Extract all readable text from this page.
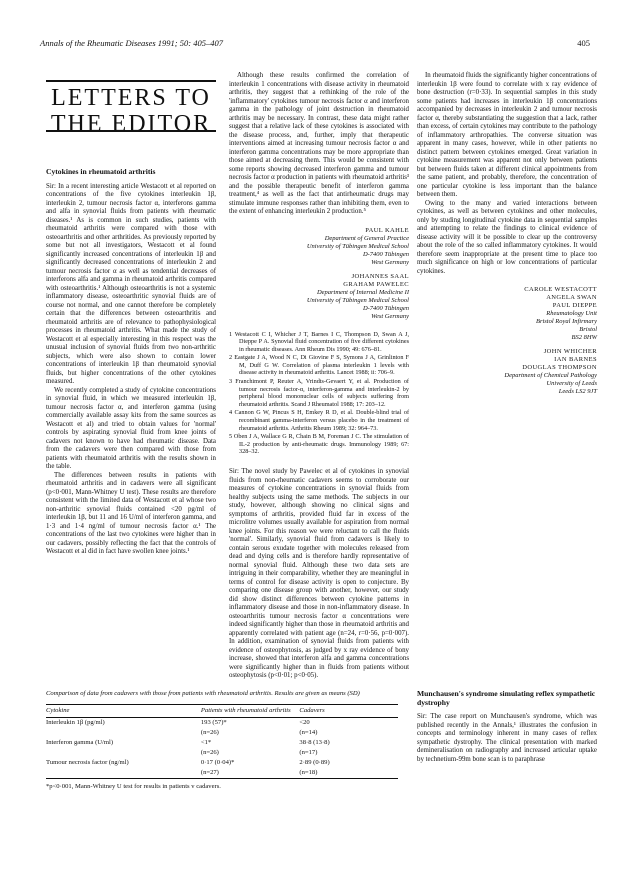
Annals of the Rheumatic Diseases 1991; 50: 405–407	405
LETTERS TO
THE EDITOR
Cytokines in rheumatoid arthritis

Sir: In a recent interesting article Westacott et al reported on concentrations of the five cytokines interleukin 1β, interleukin 2, tumour necrosis factor α, interferons gamma and alfa in synovial fluids from patients with rheumatic diseases.¹ As is common in such studies, patients with rheumatoid arthritis were compared with those with osteoarthritis and other arthritides. As previously reported by some but not all investigators, Westacott et al found significantly increased concentrations of interleukin 1β and significantly decreased concentrations of interleukin 2 and tumour necrosis factor α as well as tendential decreases of interferons alfa and gamma in rheumatoid arthritis compared with osteoarthritis.¹ Although osteoarthritis is not a systemic inflammatory disease, osteoarthritic synovial fluids are of course not normal, and one cannot therefore be completely certain that the differences between osteoarthritis and rheumatoid arthritis are of relevance to pathophysiological processes in rheumatoid arthritis. What made the study of Westacott et al especially interesting in this respect was the unusual inclusion of synovial fluids from two non-arthritic subjects, which were also shown to contain lower concentrations of interleukin 1β than rheumatoid synovial fluids, but higher concentrations of the other cytokines measured.

We recently completed a study of cytokine concentrations in synovial fluid, in which we measured interleukin 1β, tumour necrosis factor α, and interferon gamma (using commercially available assay kits from the same sources as Westacott et al) and tried to obtain values for 'normal' controls by aspirating synovial fluid from knee joints of cadavers not known to have had rheumatic disease. Data from the cadavers were then compared with those from patients with rheumatoid arthritis with the results shown in the table.

The differences between results in patients with rheumatoid arthritis and in cadavers were all significant (p<0·001, Mann-Whitney U test). These results are therefore consistent with the limited data of Westacott et al whose two non-arthritic synovial fluids contained <20 pg/ml of interleukin 1β, but 11 and 16 U/ml of interferon gamma, and 1·3 and 1·4 ng/ml of tumour necrosis factor α.¹ The concentrations of the last two cytokines were higher than in our cadavers, possibly reflecting the fact that the controls of Westacott et al did in fact have swollen knee joints.¹

Although these results confirmed the correlation of interleukin 1 concentrations with disease activity in rheumatoid arthritis, they suggest that a rethinking of the role of the 'inflammatory' cytokines tumour necrosis factor α and interferon gamma in the pathology of joint destruction in rheumatoid arthritis may be necessary. In contrast, these data might rather suggest that a relative lack of these cytokines is associated with the disease process, and, further, imply that therapeutic interventions aimed at increasing tumour necrosis factor α and interferon gamma concentrations may be more appropriate than those aimed at decreasing them. This would be consistent with some reports showing decreased interferon gamma and tumour necrosis factor α production in patients with rheumatoid arthritis³ and the possible therapeutic benefit of interferon gamma treatment,⁴ as well as the fact that antirheumatic drugs may stimulate immune responses rather than inhibiting them, even to the extent of enhancing interleukin 2 production.⁵

PAUL KAHLE
Department of General Practice
University of Tübingen Medical School
D-7400 Tübingen
West Germany
JOHANNES SAAL
GRAHAM PAWELEC
Department of Internal Medicine II
University of Tübingen Medical School
D-7400 Tübingen
West Germany
1 Westacott C I, Whicher J T, Barnes I C, Thompson D, Swan A J, Dieppe P A. Synovial fluid concentration of five different cytokines in rheumatic diseases. Ann Rheum Dis 1990; 49: 676–81.
2 Eastgate J A, Wood N C, Di Giovine F S, Symons J A, Grinlinton F M, Duff G W. Correlation of plasma interleukin 1 levels with disease activity in rheumatoid arthritis. Lancet 1988; ii: 706–9.
3 Franchimont P, Reuter A, Vrindts-Gevaert Y, et al. Production of tumour necrosis factor-α, interferon-gamma and interleukin-2 by peripheral blood mononuclear cells of subjects suffering from rheumatoid arthritis. Scand J Rheumatol 1988; 17: 203–12.
4 Cannon G W, Pincus S H, Emkey R D, et al. Double-blind trial of recombinant gamma-interferon versus placebo in the treatment of rheumatoid arthritis. Arthritis Rheum 1989; 32: 964–73.
5 Oben J A, Wallace G R, Chain B M, Foreman J C. The stimulation of IL-2 production by anti-rheumatic drugs. Immunology 1989; 67: 328–32.

Sir: The novel study by Pawelec et al of cytokines in synovial fluids from non-rheumatic cadavers seems to corroborate our measures of cytokine concentrations in synovial fluids from healthy subjects using the same methods. The subjects in our study, however, although showing no clinical signs and symptoms of arthritis, provided fluid far in excess of the microlitre volumes usually available for aspiration from normal knee joints. For this reason we were reluctant to call the fluids 'normal'. Similarly, synovial fluid from cadavers is likely to contain serous exudate together with molecules released from dead and dying cells and is therefore hardly representative of normal synovial fluid. Although these two data sets are intriguing in their comparability, whether they are meaningful in terms of control for disease activity is open to conjecture. By comparing one disease group with another, however, our study did show distinct differences between cytokine patterns in inflammatory disease and those in non-inflammatory disease. In osteoarthritis tumour necrosis factor α concentrations were indeed significantly higher than those in rheumatoid arthritis and apparently correlated with patient age (n=24, r=0·56, p=0·007). In addition, examination of synovial fluids from patients with evidence of osteophytosis, as judged by x ray evidence of bony increase, showed that interferon alfa and gamma concentrations were significantly higher than in fluids from patients without osteophytosis (p<0·01; p<0·05).

In rheumatoid fluids the significantly higher concentrations of interleukin 1β were found to correlate with x ray evidence of bone destruction (r=0·33). In sequential samples in this study some patients had increases in interleukin 1β concentrations accompanied by decreases in interleukin 2 and tumour necrosis factor α, thereby substantiating the suggestion that a lack, rather than excess, of certain cytokines may contribute to the pathology of inflammatory arthropathies. The converse situation was apparent in many cases, however, while in other patients no distinct pattern between cytokines emerged. Great variation in cytokine measurement was apparent not only between patients but between fluids taken at different clinical appointments from the same patient, and probably, therefore, the concentration of one particular cytokine is less important than the balance between them.

Owing to the many and varied interactions between cytokines, as well as between cytokines and other molecules, only by studing longitudinal cytokine data in sequential samples and attempting to relate the findings to clinical evidence of disease activity will it be possible to clear up the controversy about the role of the so called inflammatory cytokines. It would therefore seem inappropriate at the present time to place too much significance on high or low concentrations of particular cytokines.

CAROLE WESTACOTT
ANGELA SWAN
PAUL DIEPPE
Rheumatology Unit
Bristol Royal Infirmary
Bristol
BS2 8HW
JOHN WHICHER
IAN BARNES
DOUGLAS THOMPSON
Department of Chemical Pathology
University of Leeds
Leeds LS2 9JT
Comparison of data from cadavers with those from patients with rheumatoid arthritis. Results are given as means (SD)
Cytokine	Patients with rheumatoid arthritis	Cadavers
Interleukin 1β (pg/ml)	193 (57)*	<20
	(n=26)	(n=14)
Interferon gamma (U/ml)	<1*	38·8 (13·8)
	(n=26)	(n=17)
Tumour necrosis factor (ng/ml)	0·17 (0·04)*	2·89 (0·89)
	(n=27)	(n=18)
*p<0·001, Mann-Whitney U test for results in patients v cadavers.
Munchausen's syndrome simulating reflex sympathetic dystrophy

Sir: The case report on Munchausen's syndrome, which was published recently in the Annals,¹ illustrates the confusion in concepts and terminology inherent in many cases of reflex sympathetic dystrophy. The clinical presentation with marked demineralisation on radiography and increased articular uptake by technetium-99m bone scan is to paraphrase
